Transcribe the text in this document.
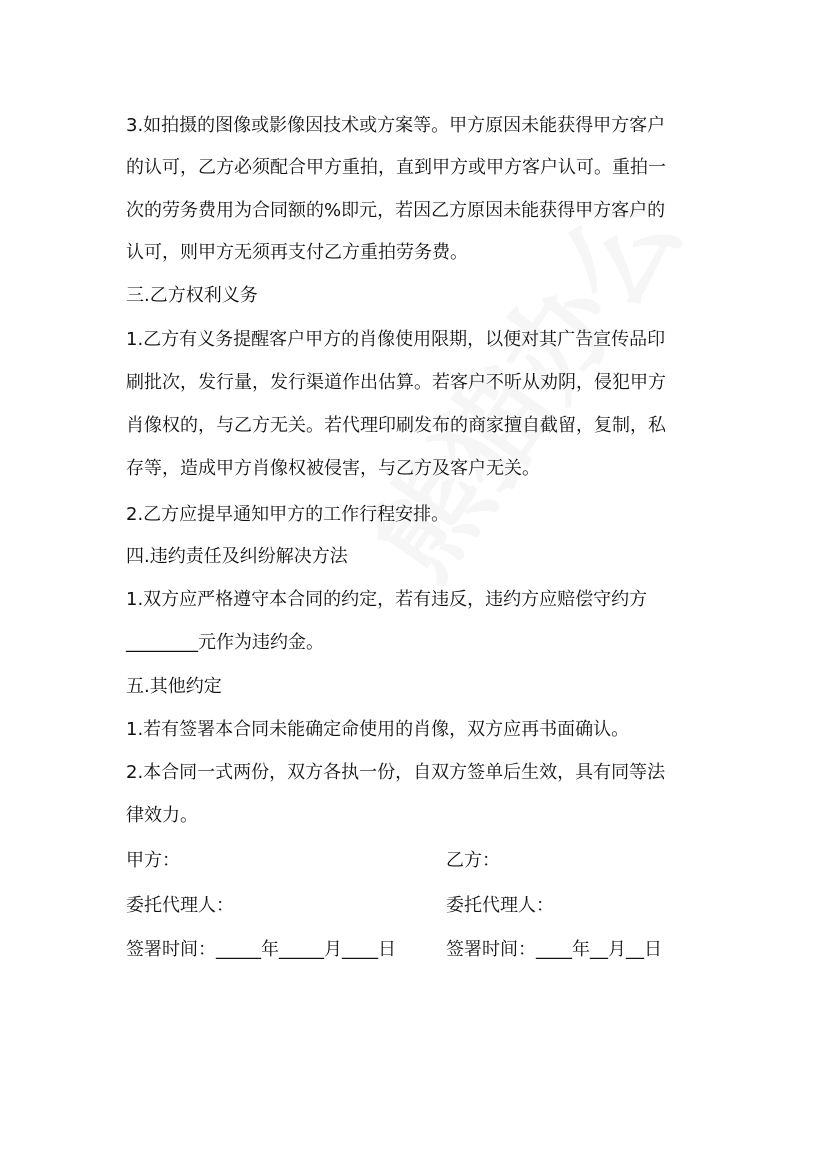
3.如拍摄的图像或影像因技术或方案等。甲方原因未能获得甲方客户
的认可，乙方必须配合甲方重拍，直到甲方或甲方客户认可。重拍一
次的劳务费用为合同额的%即元，若因乙方原因未能获得甲方客户的
认可，则甲方无须再支付乙方重拍劳务费。
三.乙方权利义务
1.乙方有义务提醒客户甲方的肖像使用限期，以便对其广告宣传品印
刷批次，发行量，发行渠道作出估算。若客户不听从劝阴，侵犯甲方
肖像权的，与乙方无关。若代理印刷发布的商家擅自截留，复制，私
存等，造成甲方肖像权被侵害，与乙方及客户无关。
2.乙方应提早通知甲方的工作行程安排。
四.违约责任及纠纷解决方法
1.双方应严格遵守本合同的约定，若有违反，违约方应赔偿守约方
________元作为违约金。
五.其他约定
1.若有签署本合同未能确定命使用的肖像，双方应再书面确认。
2.本合同一式两份，双方各执一份，自双方签单后生效，具有同等法
律效力。
甲方：	乙方：
委托代理人：	委托代理人：
签署时间：_____年_____月____日	签署时间：____年__月__日
